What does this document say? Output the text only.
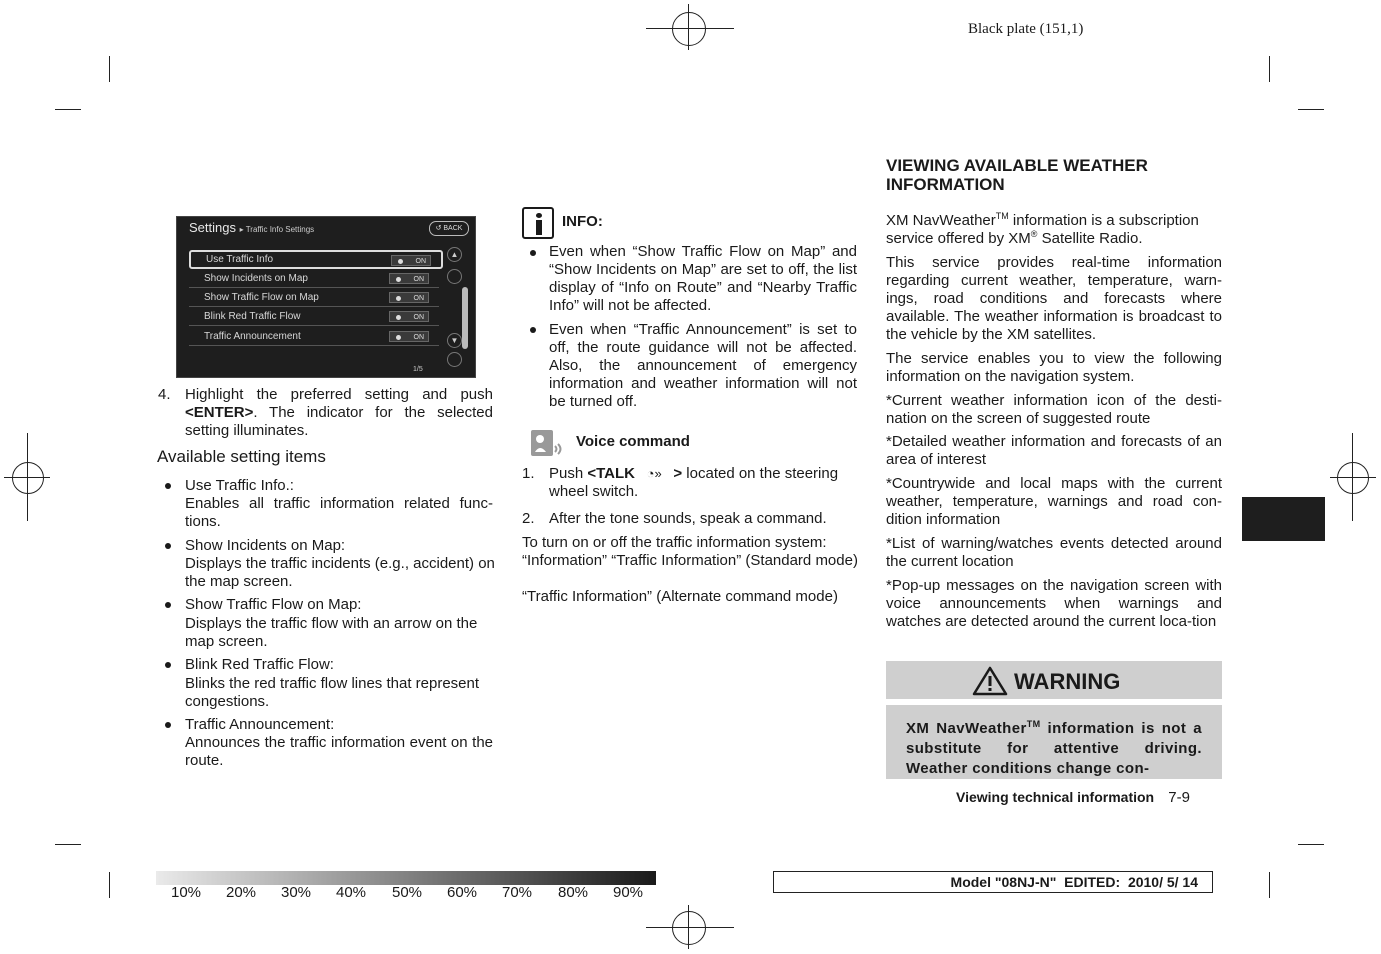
Black plate (151,1)
Settings ▸ Traffic Info Settings	↺ BACK
Use Traffic Info	ON
Show Incidents on Map	ON
Show Traffic Flow on Map	ON
Blink Red Traffic Flow	ON
Traffic Announcement	ON
▲
▼
1/5
4. Highlight the preferred setting and push <ENTER>. The indicator for the selected setting illuminates.

Available setting items

Use Traffic Info.:

Enables all traffic information related func-tions.

Show Incidents on Map:

Displays the traffic incidents (e.g., accident) on the map screen.

Show Traffic Flow on Map:

Displays the traffic flow with an arrow on the map screen.

Blink Red Traffic Flow:

Blinks the red traffic flow lines that represent congestions.

Traffic Announcement:

Announces the traffic information event on the route.

INFO:

Even when “Show Traffic Flow on Map” and “Show Incidents on Map” are set to off, the list display of “Info on Route” and “Nearby Traffic Info” will not be affected.

Even when “Traffic Announcement” is set to off, the route guidance will not be affected. Also, the announcement of emergency information and weather information will not be turned off.

Voice command
1. Push <TALK ◔» > located on the steering wheel switch.

2. After the tone sounds, speak a command.

To turn on or off the traffic information system:

“Information” “Traffic Information” (Standard mode)

“Traffic Information” (Alternate command mode)

VIEWING AVAILABLE WEATHER INFORMATION

XM NavWeather™ information is a subscription service offered by XM® Satellite Radio.

This service provides real-time information regarding current weather, temperature, warn-ings, road conditions and forecasts where available. The weather information is broadcast to the vehicle by the XM satellites.

The service enables you to view the following information on the navigation system.

*Current weather information icon of the desti-nation on the screen of suggested route

*Detailed weather information and forecasts of an area of interest

*Countrywide and local maps with the current weather, temperature, warnings and road con-dition information

*List of warning/watches events detected around the current location

*Pop-up messages on the navigation screen with voice announcements when warnings and watches are detected around the current loca-tion

WARNING

XM NavWeather™ information is not a substitute for attentive driving. Weather conditions change con-

Viewing technical information 7-9
10% 20% 30% 40% 50% 60% 70% 80% 90%
Model "08NJ-N"  EDITED:  2010/ 5/ 14
